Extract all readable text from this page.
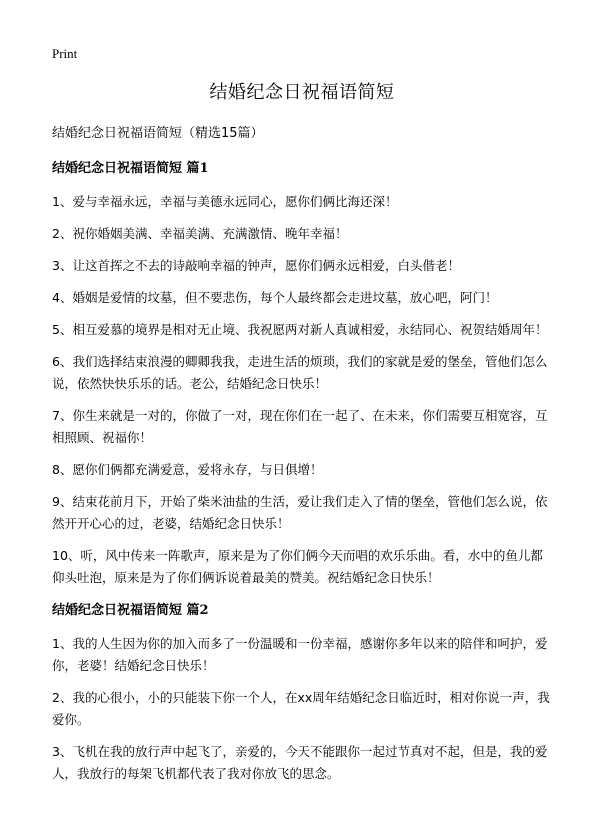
Print
结婚纪念日祝福语简短

结婚纪念日祝福语简短（精选15篇）

结婚纪念日祝福语简短 篇1

1、爱与幸福永远，幸福与美德永远同心，愿你们俩比海还深！

2、祝你婚姻美满、幸福美满、充满激情、晚年幸福！

3、让这首挥之不去的诗敲响幸福的钟声，愿你们俩永远相爱，白头偕老！

4、婚姻是爱情的坟墓，但不要悲伤，每个人最终都会走进坟墓，放心吧，阿门！

5、相互爱慕的境界是相对无止境、我祝愿两对新人真诚相爱，永结同心、祝贺结婚周年！

6、我们选择结束浪漫的卿卿我我，走进生活的烦琐，我们的家就是爱的堡垒，管他们怎么说，依然快快乐乐的话。老公，结婚纪念日快乐！

7、你生来就是一对的，你做了一对，现在你们在一起了、在未来，你们需要互相宽容，互相照顾、祝福你！

8、愿你们俩都充满爱意，爱将永存，与日俱增！

9、结束花前月下，开始了柴米油盐的生活，爱让我们走入了情的堡垒，管他们怎么说，依然开开心心的过，老婆，结婚纪念日快乐！

10、听，风中传来一阵歌声，原来是为了你们俩今天而唱的欢乐乐曲。看，水中的鱼儿都仰头吐泡，原来是为了你们俩诉说着最美的赞美。祝结婚纪念日快乐！

结婚纪念日祝福语简短 篇2

1、我的人生因为你的加入而多了一份温暖和一份幸福，感谢你多年以来的陪伴和呵护，爱你，老婆！结婚纪念日快乐！

2、我的心很小，小的只能装下你一个人，在xx周年结婚纪念日临近时，相对你说一声，我爱你。

3、飞机在我的放行声中起飞了，亲爱的，今天不能跟你一起过节真对不起，但是，我的爱人，我放行的每架飞机都代表了我对你放飞的思念。
